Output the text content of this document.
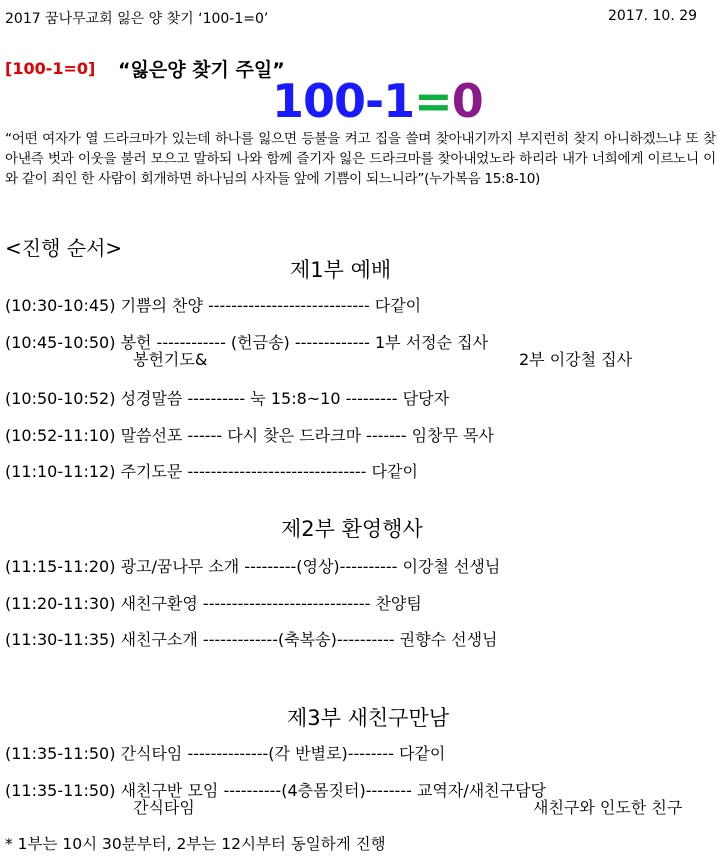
2017 꿈나무교회 잃은 양 찾기 ‘100-1=0’	2017. 10. 29
[100-1=0] “잃은양 찾기 주일”
100-1=0
“어떤 여자가 열 드라크마가 있는데 하나를 잃으면 등불을 켜고 집을 쓸며 찾아내기까지 부지런히 찾지 아니하겠느냐 또 찾아낸즉 벗과 이웃을 불러 모으고 말하되 나와 함께 즐기자 잃은 드라크마를 찾아내었노라 하리라 내가 너희에게 이르노니 이와 같이 죄인 한 사람이 회개하면 하나님의 사자들 앞에 기쁨이 되느니라”(누가복음 15:8-10)
<진행 순서>
제1부 예배
(10:30-10:45) 기쁨의 찬양 ---------------------------- 다같이
(10:45-10:50) 봉헌 ------------ (헌금송) ------------- 1부 서정순 집사
봉헌기도&	2부 이강철 집사
(10:50-10:52) 성경말씀 ---------- 눅 15:8~10 --------- 담당자
(10:52-11:10) 말씀선포 ------ 다시 찾은 드라크마 ------- 임창무 목사
(11:10-11:12) 주기도문 ------------------------------- 다같이
제2부 환영행사
(11:15-11:20) 광고/꿈나무 소개 ---------(영상)---------- 이강철 선생님
(11:20-11:30) 새친구환영 ----------------------------- 찬양팀
(11:30-11:35) 새친구소개 -------------(축복송)---------- 권향수 선생님
제3부 새친구만남
(11:35-11:50) 간식타임 --------------(각 반별로)-------- 다같이
(11:35-11:50) 새친구반 모임 ----------(4층몸짓터)-------- 교역자/새친구담당
간식타임	새친구와 인도한 친구
* 1부는 10시 30분부터, 2부는 12시부터 동일하게 진행
